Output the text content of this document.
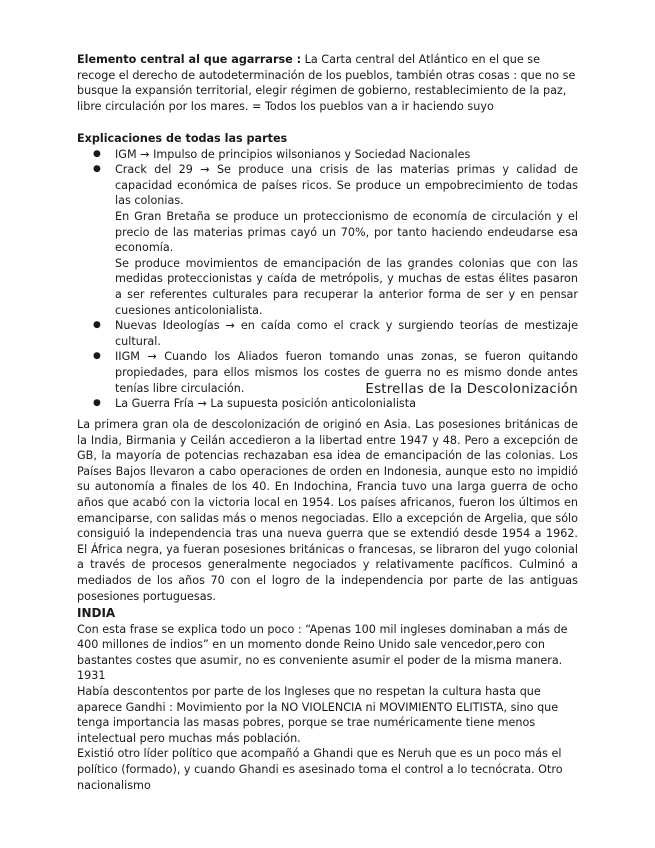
Elemento central al que agarrarse : La Carta central del Atlántico en el que se recoge el derecho de autodeterminación de los pueblos, también otras cosas : que no se busque la expansión territorial, elegir régimen de gobierno, restablecimiento de la paz, libre circulación por los mares. = Todos los pueblos van a ir haciendo suyo

Explicaciones de todas las partes

● IGM → Impulso de principios wilsonianos y Sociedad Nacionales
● Crack del 29 → Se produce una crisis de las materias primas y calidad de capacidad económica de países ricos. Se produce un empobrecimiento de todas las colonias.

En Gran Bretaña se produce un proteccionismo de economía de circulación y el precio de las materias primas cayó un 70%, por tanto haciendo endeudarse esa economía.

Se produce movimientos de emancipación de las grandes colonias que con las medidas proteccionistas y caída de metrópolis, y muchas de estas élites pasaron a ser referentes culturales para recuperar la anterior forma de ser y en pensar cuesiones anticolonialista.

● Nuevas Ideologías → en caída como el crack y surgiendo teorías de mestizaje cultural.
● IIGM → Cuando los Aliados fueron tomando unas zonas, se fueron quitando propiedades, para ellos mismos los costes de guerra no es mismo donde antes tenías libre circulación.
● La Guerra Fría → La supuesta posición anticolonialista
Estrellas de la Descolonización
La primera gran ola de descolonización de originó en Asia. Las posesiones británicas de la India, Birmania y Ceilán accedieron a la libertad entre 1947 y 48. Pero a excepción de GB, la mayoría de potencias rechazaban esa idea de emancipación de las colonias. Los Países Bajos llevaron a cabo operaciones de orden en Indonesia, aunque esto no impidió su autonomía a finales de los 40. En Indochina, Francia tuvo una larga guerra de ocho años que acabó con la victoria local en 1954. Los países africanos, fueron los últimos en emanciparse, con salidas más o menos negociadas. Ello a excepción de Argelia, que sólo consiguió la independencia tras una nueva guerra que se extendió desde 1954 a 1962. El África negra, ya fueran posesiones británicas o francesas, se libraron del yugo colonial a través de procesos generalmente negociados y relativamente pacíficos. Culminó a mediados de los años 70 con el logro de la independencia por parte de las antiguas posesiones portuguesas.

INDIA

Con esta frase se explica todo un poco : “Apenas 100 mil ingleses dominaban a más de 400 millones de indios” en un momento donde Reino Unido sale vencedor,pero con bastantes costes que asumir, no es conveniente asumir el poder de la misma manera. 1931

Había descontentos por parte de los Ingleses que no respetan la cultura hasta que aparece Gandhi : Movimiento por la NO VIOLENCIA ni MOVIMIENTO ELITISTA, sino que tenga importancia las masas pobres, porque se trae numéricamente tiene menos intelectual pero muchas más población.

Existió otro líder político que acompañó a Ghandi que es Neruh que es un poco más el político (formado), y cuando Ghandi es asesinado toma el control a lo tecnócrata. Otro nacionalismo
